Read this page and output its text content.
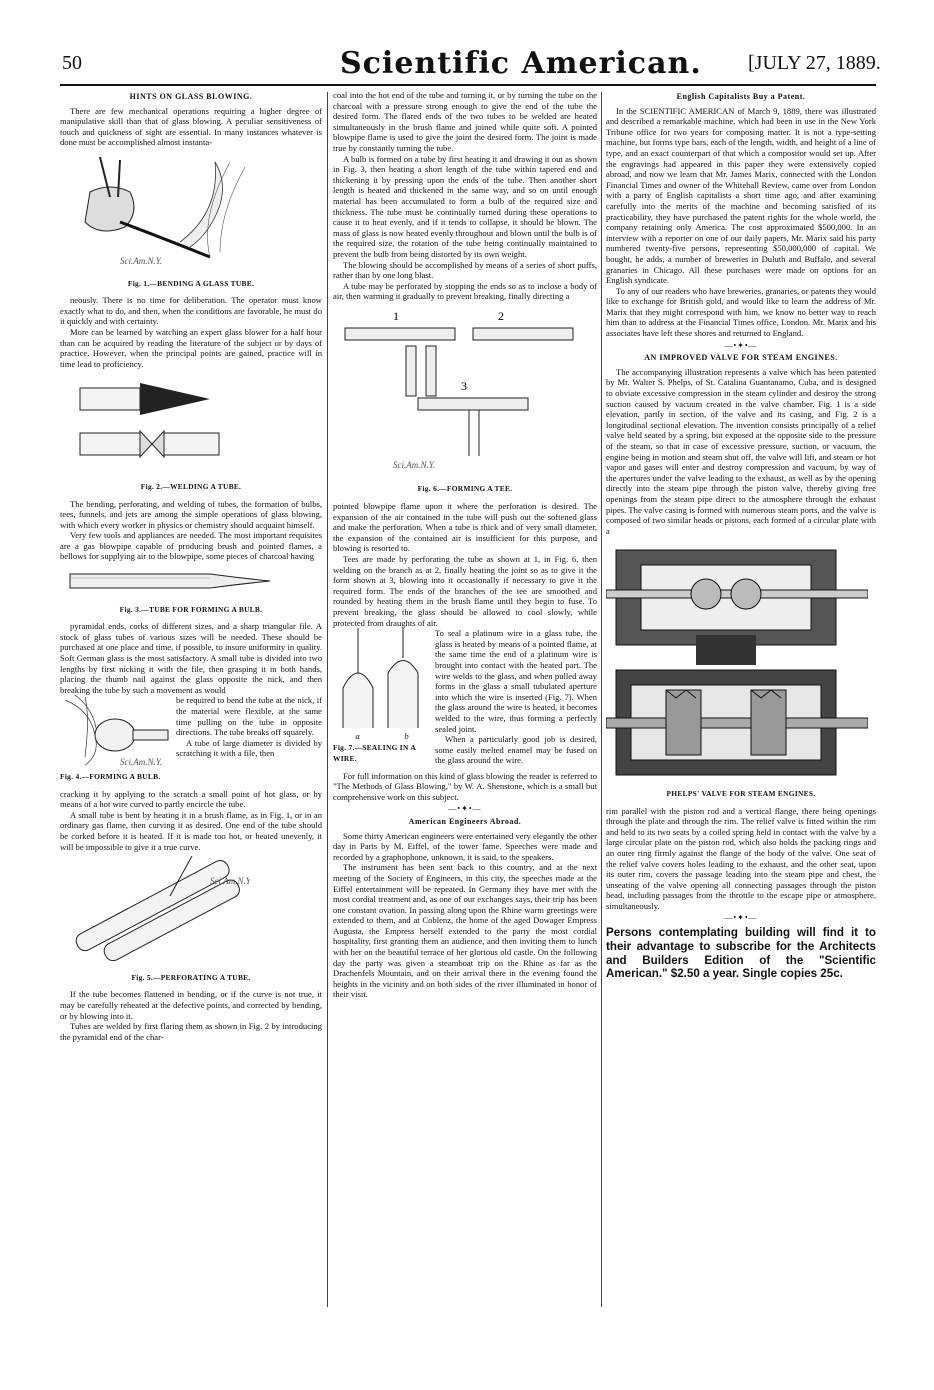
50	Scientific American. [JULY 27, 1889.
HINTS ON GLASS BLOWING.

There are few mechanical operations requiring a higher degree of manipulative skill than that of glass blowing. A peculiar sensitiveness of touch and quickness of sight are essential. In many instances whatever is done must be accomplished almost instanta-

Sci.Am.N.Y.
Fig. 1.—BENDING A GLASS TUBE.

neously. There is no time for deliberation. The operator must know exactly what to do, and then, when the conditions are favorable, he must do it quickly and with certainty.

More can be learned by watching an expert glass blower for a half hour than can be acquired by reading the literature of the subject or by days of practice. However, when the principal points are gained, practice will in time lead to proficiency.

Fig. 2.—WELDING A TUBE.

The bending, perforating, and welding of tubes, the formation of bulbs, tees, funnels, and jets are among the simple operations of glass blowing, with which every worker in physics or chemistry should acquaint himself.

Very few tools and appliances are needed. The most important requisites are a gas blowpipe capable of producing brush and pointed flames, a bellows for supplying air to the blowpipe, some pieces of charcoal having

Fig. 3.—TUBE FOR FORMING A BULB.

pyramidal ends, corks of different sizes, and a sharp triangular file. A stock of glass tubes of various sizes will be needed. These should be purchased at one place and time, if possible, to insure uniformity in quality. Soft German glass is the most satisfactory. A small tube is divided into two lengths by first nicking it with the file, then grasping it in both hands, placing the thumb nail against the glass opposite the nick, and then breaking the tube by such a movement as would

Sci.Am.N.Y.
Fig. 4.—FORMING A BULB.

be required to bend the tube at the nick, if the material were flexible, at the same time pulling on the tube in opposite directions. The tube breaks off squarely.

A tube of large diameter is divided by scratching it with a file, then

cracking it by applying to the scratch a small point of hot glass, or by means of a hot wire curved to partly encircle the tube.

A small tube is bent by heating it in a brush flame, as in Fig. 1, or in an ordinary gas flame, then curving it as desired. One end of the tube should be corked before it is heated. If it is made too hot, or heated unevenly, it will be impossible to give it a true curve.

Sci.Am.N.Y.
Fig. 5.—PERFORATING A TUBE.

If the tube becomes flattened in bending, or if the curve is not true, it may be carefully reheated at the defective points, and corrected by bending, or by blowing into it.

Tubes are welded by first flaring them as shown in Fig. 2 by introducing the pyramidal end of the char-

coal into the hot end of the tube and turning it, or by turning the tube on the charcoal with a pressure strong enough to give the end of the tube the desired form. The flared ends of the two tubes to be welded are heated simultaneously in the brush flame and joined while quite soft. A pointed blowpipe flame is used to give the joint the desired form. The joint is made true by constantly turning the tube.

A bulb is formed on a tube by first heating it and drawing it out as shown in Fig. 3, then heating a short length of the tube within tapered end and thickening it by pressing upon the ends of the tube. Then another short length is heated and thickened in the same way, and so on until enough material has been accumulated to form a bulb of the required size and thickness. The tube must be continually turned during these operations to cause it to heat evenly, and if it tends to collapse, it should be blown. The mass of glass is now heated evenly throughout and blown until the bulb is of the required size, the rotation of the tube being continually maintained to prevent the bulb from being distorted by its own weight.

The blowing should be accomplished by means of a series of short puffs, rather than by one long blast.

A tube may be perforated by stopping the ends so as to inclose a body of air, then warming it gradually to prevent breaking, finally directing a

1	2
3
Sci.Am.N.Y.
Fig. 6.—FORMING A TEE.

pointed blowpipe flame upon it where the perforation is desired. The expansion of the air contained in the tube will push out the softened glass and make the perforation. When a tube is thick and of very small diameter, the expansion of the contained air is insufficient for this purpose, and blowing is resorted to.

Tees are made by perforating the tube as shown at 1, in Fig. 6, then welding on the branch as at 2, finally heating the joint so as to give it the form shown at 3, blowing into it occasionally if necessary to give it the required form. The ends of the branches of the tee are smoothed and rounded by heating them in the brush flame until they begin to fuse. To prevent breaking, the glass should be allowed to cool slowly, while protected from draughts of air.

a	b
Fig. 7.—SEALING IN A WIRE.

To seal a platinum wire in a glass tube, the glass is heated by means of a pointed flame, at the same time the end of a platinum wire is brought into contact with the heated part. The wire welds to the glass, and when pulled away forms in the glass a small tubulated aperture into which the wire is inserted (Fig. 7). When the glass around the wire is heated, it becomes welded to the wire, thus forming a perfectly sealed joint.

When a particularly good job is desired, some easily melted enamel may be fused on the glass around the wire.

For full information on this kind of glass blowing the reader is referred to "The Methods of Glass Blowing," by W. A. Shenstone, which is a small but comprehensive work on this subject.

—•✦•—
American Engineers Abroad.

Some thirty American engineers were entertained very elegantly the other day in Paris by M. Eiffel, of the tower fame. Speeches were made and recorded by a graphophone, unknown, it is said, to the speakers.

The instrument has been sent back to this country, and at the next meeting of the Society of Engineers, in this city, the speeches made at the Eiffel entertainment will be repeated. In Germany they have met with the most cordial treatment and, as one of our exchanges says, their trip has been one constant ovation. In passing along upon the Rhine warm greetings were extended to them, and at Coblenz, the home of the aged Dowager Empress Augusta, the Empress herself extended to the party the most cordial hospitality, first granting them an audience, and then inviting them to lunch with her on the beautiful terrace of her glorious old castle. On the following day the party was given a steamboat trip on the Rhine as far as the Drachenfels Mountain, and on their arrival there in the evening found the heights in the vicinity and on both sides of the river illuminated in honor of their visit.

English Capitalists Buy a Patent.

In the SCIENTIFIC AMERICAN of March 9, 1889, there was illustrated and described a remarkable machine, which had been in use in the New York Tribune office for two years for composing matter. It is not a type-setting machine, but forms type bars, each of the length, width, and height of a line of type, and an exact counterpart of that which a compositor would set up. After the engravings had appeared in this paper they were extensively copied abroad, and now we learn that Mr. James Marix, connected with the London Financial Times and owner of the Whitehall Review, came over from London with a party of English capitalists a short time ago, and after examining carefully into the merits of the machine and becoming satisfied of its practicability, they have purchased the patent rights for the whole world, the company retaining only America. The cost approximated $500,000. In an interview with a reporter on one of our daily papers, Mr. Marix said his party numbered twenty-five persons, representing $50,000,000 of capital. We bought, he adds, a number of breweries in Duluth and Buffalo, and several granaries in Chicago. All these purchases were made on options for an English syndicate.

To any of our readers who have breweries, granaries, or patents they would like to exchange for British gold, and would like to learn the address of Mr. Marix that they might correspond with him, we know no better way to reach him than to address at the Financial Times office, London. Mr. Marix and his associates have left these shores and returned to England.

—•✦•—
AN IMPROVED VALVE FOR STEAM ENGINES.

The accompanying illustration represents a valve which has been patented by Mr. Walter S. Phelps, of St. Catalina Guantanamo, Cuba, and is designed to obviate excessive compression in the steam cylinder and destroy the strong suction caused by vacuum created in the valve chamber. Fig. 1 is a side elevation, partly in section, of the valve and its casing, and Fig. 2 is a longitudinal sectional elevation. The invention consists principally of a relief valve held seated by a spring, but exposed at the opposite side to the pressure of the steam, so that in case of excessive pressure, suction, or vacuum, the engine being in motion and steam shut off, the valve will lift, and steam or hot vapor and gases will enter and destroy compression and vacuum, by way of the apertures under the valve leading to the exhaust, as well as by the opening directly into the steam pipe through the piston valve, thereby giving free openings from the steam pipe direct to the atmosphere through the exhaust pipes. The valve casing is formed with numerous steam ports, and the valve is composed of two similar heads or pistons, each formed of a circular plate with a

PHELPS' VALVE FOR STEAM ENGINES.

rim parallel with the piston rod and a vertical flange, there being openings through the plate and through the rim. The relief valve is fitted within the rim and held to its two seats by a coiled spring held in contact with the valve by a large circular plate on the piston rod, which also holds the packing rings and an outer ring firmly against the flange of the body of the valve. One seat of the relief valve covers holes leading to the exhaust, and the other seat, upon its outer rim, covers the passage leading into the steam pipe and chest, the unseating of the valve opening all connecting passages through the piston head, including passages from the throttle to the escape pipe or atmosphere, simultaneously.

—•✦•—
Persons contemplating building will find it to their advantage to subscribe for the Architects and Builders Edition of the "Scientific American." $2.50 a year. Single copies 25c.
